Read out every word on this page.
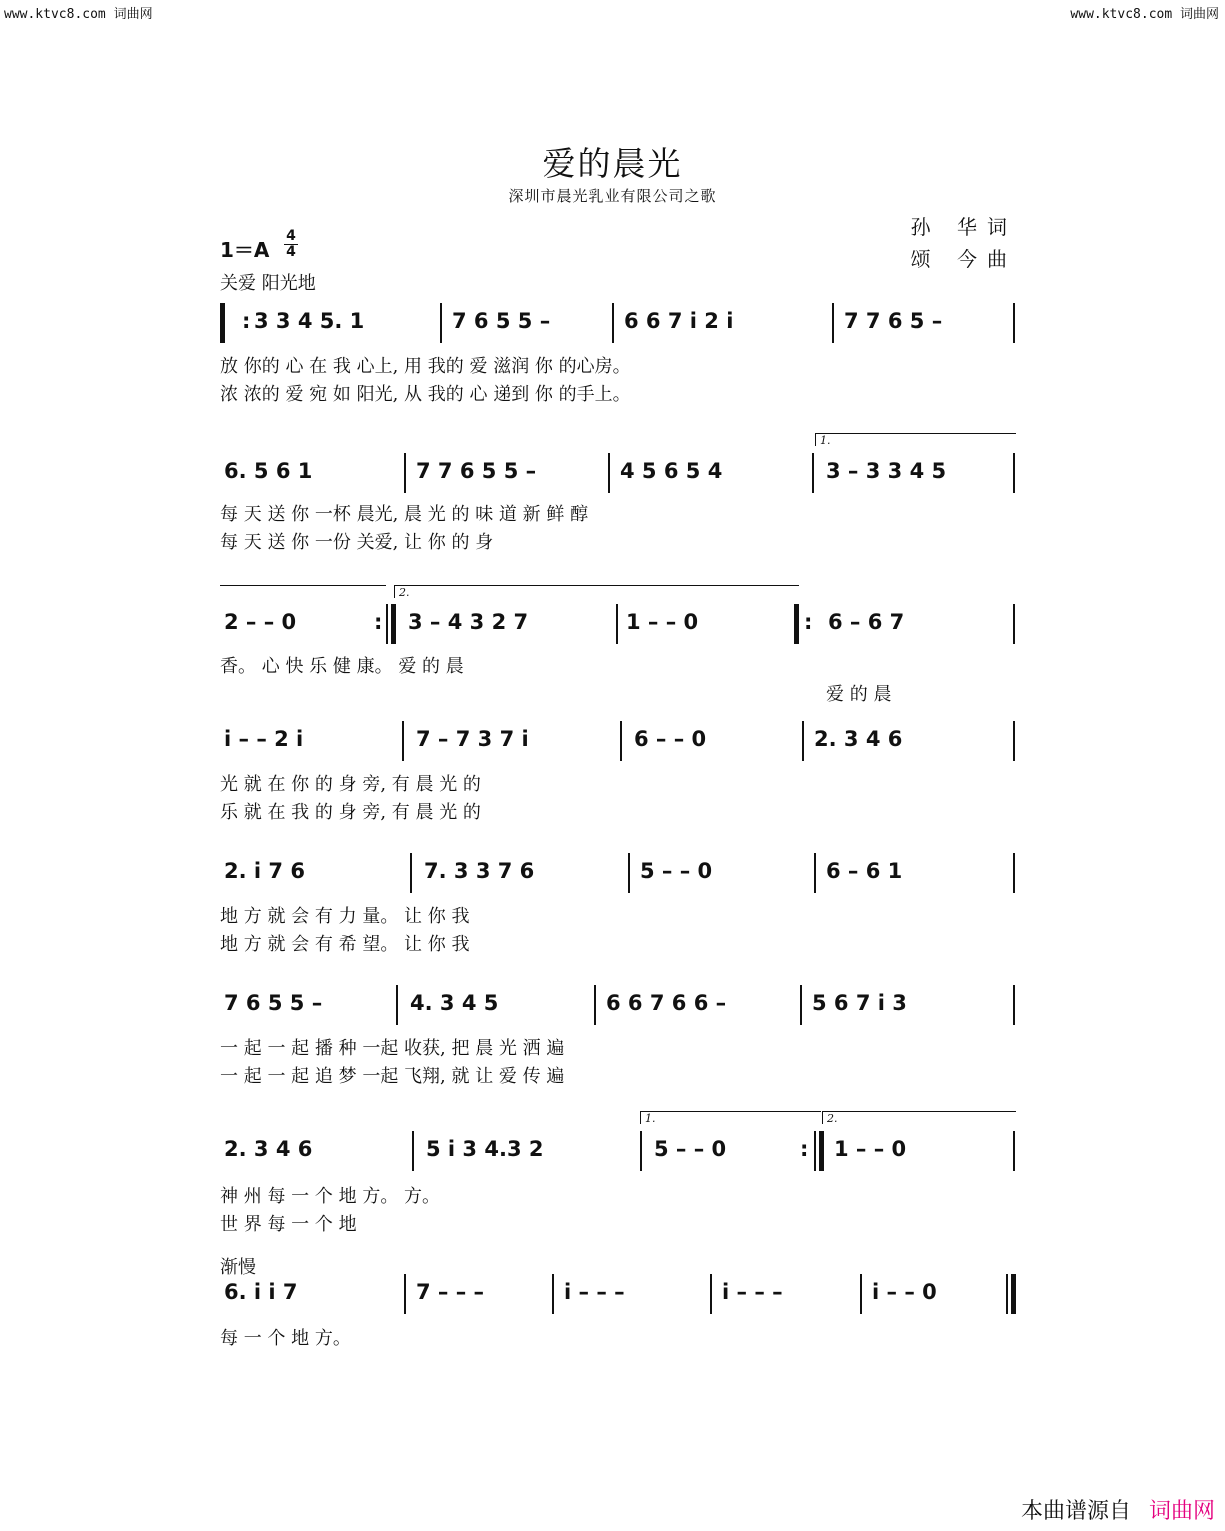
www.ktvc8.com 词曲网	www.ktvc8.com 词曲网
爱的晨光
深圳市晨光乳业有限公司之歌
孙 华词
颂 今曲
1＝A
4
4
关爱 阳光地
渐慢
: 3 3 4 5. 1	7 6 5 5 –	6 6 7 i 2 i	7 7 6 5 –
放 你的 心 在 我 心上, 用 我的 爱 滋润 你 的心房。
浓 浓的 爱 宛 如 阳光, 从 我的 心 递到 你 的手上。
1.
6. 5 6 1	7 7 6 5 5 –	4 5 6 5 4	3 – 3 3 4 5
每 天 送 你 一杯 晨光, 晨 光 的 味 道 新 鲜 醇
每 天 送 你 一份 关爱, 让 你 的 身
2.
2 – – 0	: 3 – 4 3 2 7	1 – – 0	: 6 – 6 7
香。 心 快 乐 健 康。 爱 的 晨
爱 的 晨
i – – 2 i	7 – 7 3 7 i	6 – – 0	2. 3 4 6
光 就 在 你 的 身 旁, 有 晨 光 的
乐 就 在 我 的 身 旁, 有 晨 光 的
2. i 7 6	7. 3 3 7 6	5 – – 0	6 – 6 1
地 方 就 会 有 力 量。 让 你 我
地 方 就 会 有 希 望。 让 你 我
7 6 5 5 –	4. 3 4 5	6 6 7 6 6 –	5 6 7 i 3
一 起 一 起 播 种 一起 收获, 把 晨 光 洒 遍
一 起 一 起 追 梦 一起 飞翔, 就 让 爱 传 遍
1.	2.
2. 3 4 6	5 i 3 4.3 2	5 – – 0	: 1 – – 0
神 州 每 一 个 地 方。 方。
世 界 每 一 个 地
6. i i 7	7 – – –	i – – –	i – – –	i – – 0
每 一 个 地 方。
本曲谱源自 词曲网
